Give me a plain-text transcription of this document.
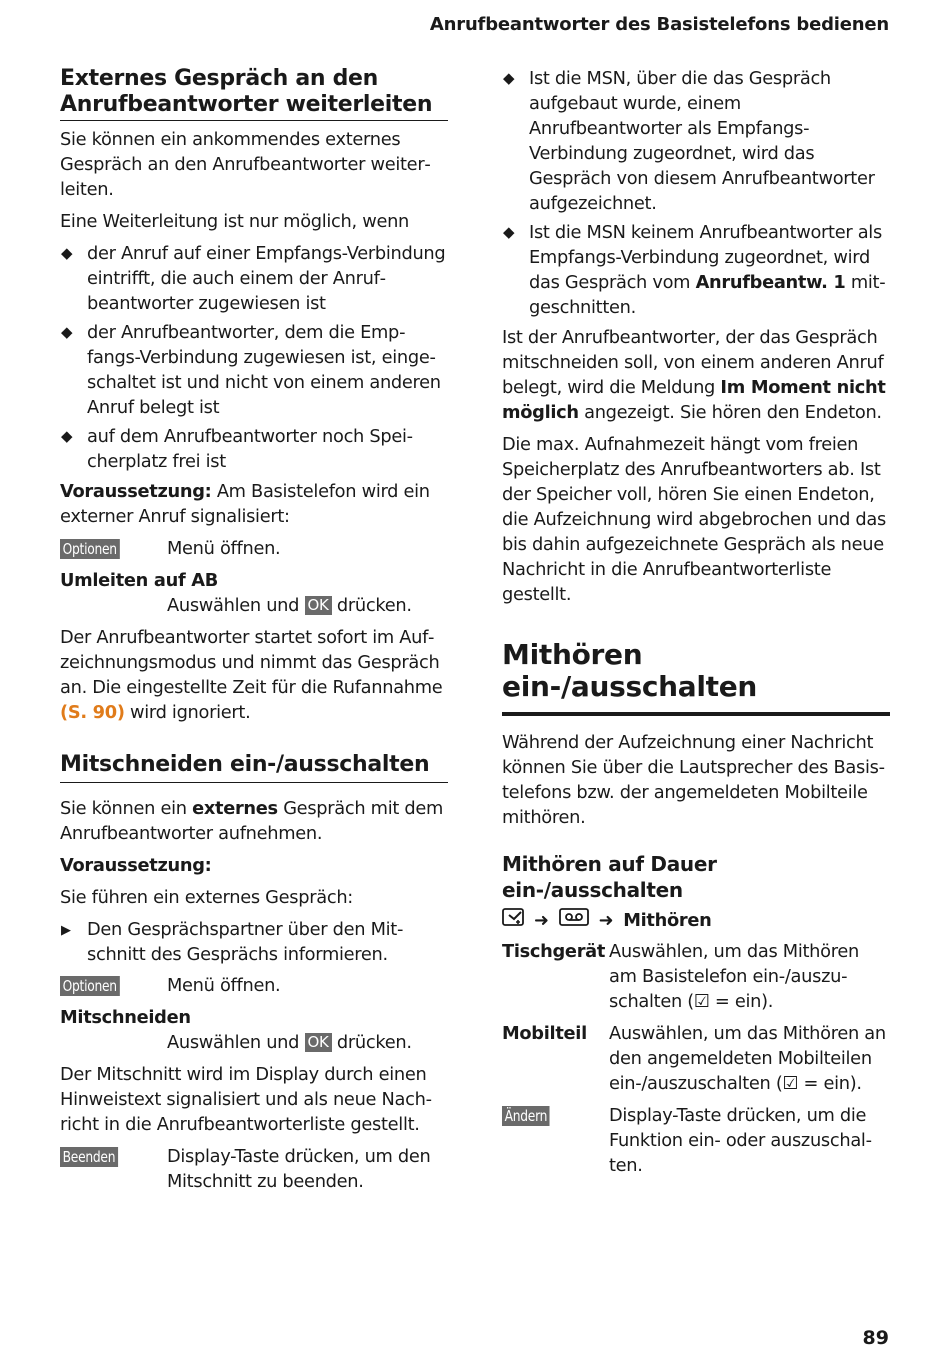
Anrufbeantworter des Basistelefons bedienen
Externes Gespräch an den Anrufbeantworter weiterleiten

Sie können ein ankommendes externes Gespräch an den Anrufbeantworter weiterleiten.

Eine Weiterleitung ist nur möglich, wenn

◆ der Anruf auf einer Empfangs-Verbindung eintrifft, die auch einem der Anrufbeantworter zugewiesen ist
◆ der Anrufbeantworter, dem die Empfangs-Verbindung zugewiesen ist, eingeschaltet ist und nicht von einem anderen Anruf belegt ist
◆ auf dem Anrufbeantworter noch Speicherplatz frei ist

Voraussetzung: Am Basistelefon wird ein externer Anruf signalisiert:

Optionen	Menü öffnen.
Umleiten auf AB

Auswählen und OK drücken.

Der Anrufbeantworter startet sofort im Aufzeichnungsmodus und nimmt das Gespräch an. Die eingestellte Zeit für die Rufannahme (S. 90) wird ignoriert.

Mitschneiden ein-/ausschalten

Sie können ein externes Gespräch mit dem Anrufbeantworter aufnehmen.

Voraussetzung:

Sie führen ein externes Gespräch:

▶ Den Gesprächspartner über den Mitschnitt des Gesprächs informieren.
Optionen	Menü öffnen.
Mitschneiden

Auswählen und OK drücken.

Der Mitschnitt wird im Display durch einen Hinweistext signalisiert und als neue Nachricht in die Anrufbeantworterliste gestellt.

Beenden	Display-Taste drücken, um den Mitschnitt zu beenden.
◆ Ist die MSN, über die das Gespräch aufgebaut wurde, einem Anrufbeantworter als Empfangs-Verbindung zugeordnet, wird das Gespräch von diesem Anrufbeantworter aufgezeichnet.
◆ Ist die MSN keinem Anrufbeantworter als Empfangs-Verbindung zugeordnet, wird das Gespräch vom Anrufbeantw. 1 mitgeschnitten.

Ist der Anrufbeantworter, der das Gespräch mitschneiden soll, von einem anderen Anruf belegt, wird die Meldung Im Moment nicht möglich angezeigt. Sie hören den Endeton.

Die max. Aufnahmezeit hängt vom freien Speicherplatz des Anrufbeantworters ab. Ist der Speicher voll, hören Sie einen Endeton, die Aufzeichnung wird abgebrochen und das bis dahin aufgezeichnete Gespräch als neue Nachricht in die Anrufbeantworterliste gestellt.

Mithören ein-/ausschalten

Während der Aufzeichnung einer Nachricht können Sie über die Lautsprecher des Basistelefons bzw. der angemeldeten Mobilteile mithören.

Mithören auf Dauer ein-/ausschalten
➜	➜ Mithören
Tischgerät Auswählen, um das Mithören am Basistelefon ein-/auszuschalten (☑ = ein).
Mobilteil	Auswählen, um das Mithören an den angemeldeten Mobilteilen ein-/auszuschalten (☑ = ein).
Ändern	Display-Taste drücken, um die Funktion ein- oder auszuschalten.
89
